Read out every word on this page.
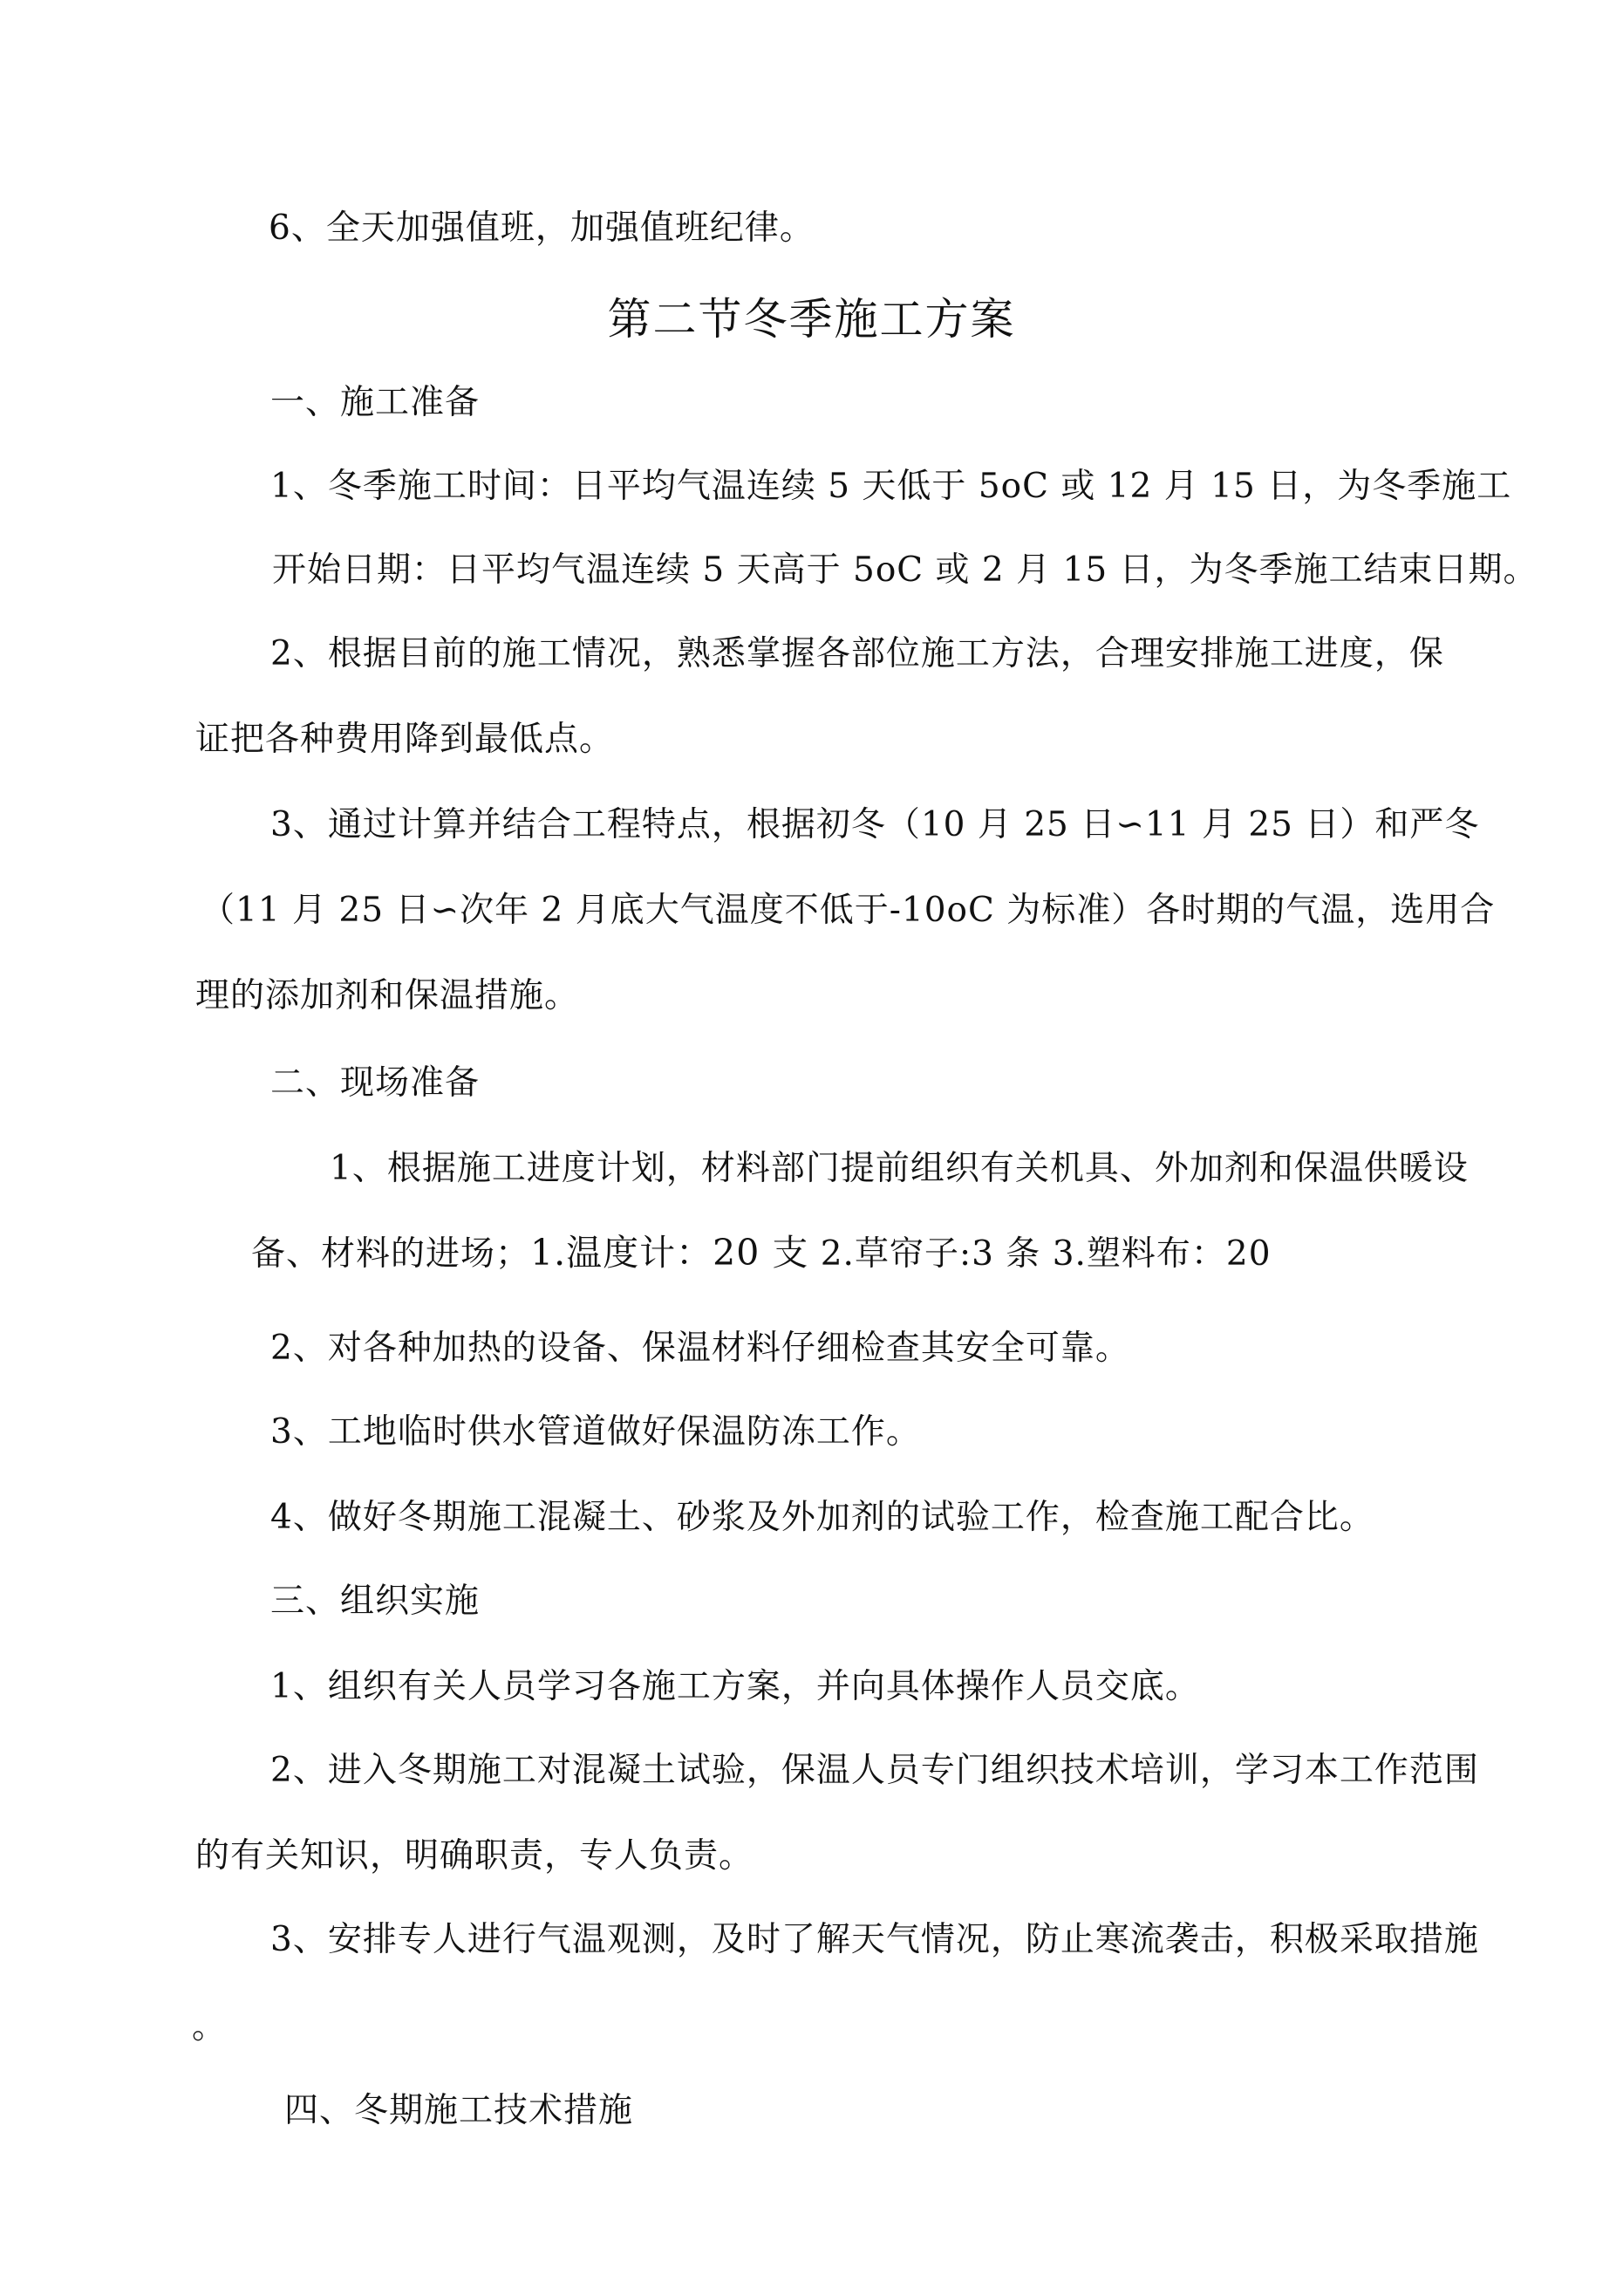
6、全天加强值班，加强值班纪律。

第二节冬季施工方案

一、施工准备

1、冬季施工时间：日平均气温连续 5 天低于 5oC 或 12 月 15 日，为冬季施工

开始日期：日平均气温连续 5 天高于 5oC 或 2 月 15 日，为冬季施工结束日期。

2、根据目前的施工情况，熟悉掌握各部位施工方法，合理安排施工进度，保

证把各种费用降到最低点。

3、通过计算并结合工程特点，根据初冬（10 月 25 日∽11 月 25 日）和严冬

（11 月 25 日∽次年 2 月底大气温度不低于-10oC 为标准）各时期的气温，选用合

理的添加剂和保温措施。

二、现场准备

1、根据施工进度计划，材料部门提前组织有关机具、外加剂和保温供暖设

备、材料的进场；1.温度计：20 支 2.草帘子:3 条 3.塑料布：20

2、对各种加热的设备、保温材料仔细检查其安全可靠。

3、工地临时供水管道做好保温防冻工作。

4、做好冬期施工混凝土、砂浆及外加剂的试验工作，检查施工配合比。

三、组织实施

1、组织有关人员学习各施工方案，并向具体操作人员交底。

2、进入冬期施工对混凝土试验，保温人员专门组织技术培训，学习本工作范围

的有关知识，明确职责，专人负责。

3、安排专人进行气温观测，及时了解天气情况，防止寒流袭击，积极采取措施

。

四、冬期施工技术措施
